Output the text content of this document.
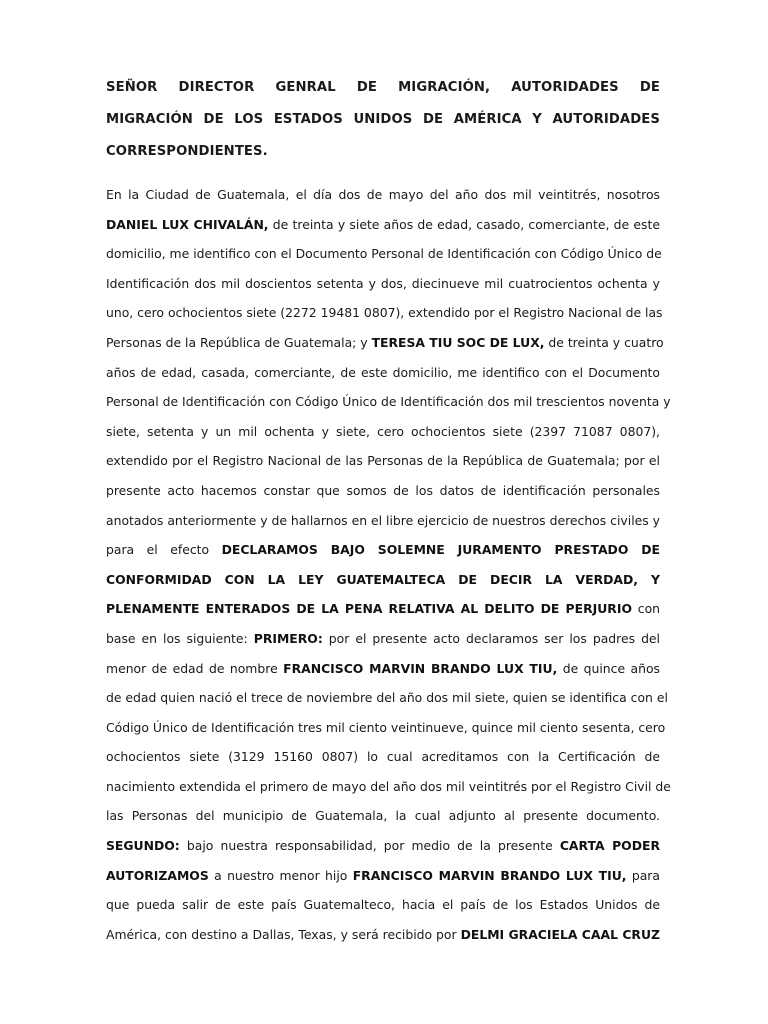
SEÑOR DIRECTOR GENRAL DE MIGRACIÓN, AUTORIDADES DE
MIGRACIÓN DE LOS ESTADOS UNIDOS DE AMÉRICA Y AUTORIDADES
CORRESPONDIENTES.
En la Ciudad de Guatemala, el día dos de mayo del año dos mil veintitrés, nosotros
DANIEL LUX CHIVALÁN, de treinta y siete años de edad, casado, comerciante, de este
domicilio, me identifico con el Documento Personal de Identificación con Código Único de
Identificación dos mil doscientos setenta y dos, diecinueve mil cuatrocientos ochenta y
uno, cero ochocientos siete (2272 19481 0807), extendido por el Registro Nacional de las
Personas de la República de Guatemala; y TERESA TIU SOC DE LUX, de treinta y cuatro
años de edad, casada, comerciante, de este domicilio, me identifico con el Documento
Personal de Identificación con Código Único de Identificación dos mil trescientos noventa y
siete, setenta y un mil ochenta y siete, cero ochocientos siete (2397 71087 0807),
extendido por el Registro Nacional de las Personas de la República de Guatemala; por el
presente acto hacemos constar que somos de los datos de identificación personales
anotados anteriormente y de hallarnos en el libre ejercicio de nuestros derechos civiles y
para el efecto DECLARAMOS BAJO SOLEMNE JURAMENTO PRESTADO DE
CONFORMIDAD CON LA LEY GUATEMALTECA DE DECIR LA VERDAD, Y
PLENAMENTE ENTERADOS DE LA PENA RELATIVA AL DELITO DE PERJURIO con
base en los siguiente: PRIMERO: por el presente acto declaramos ser los padres del
menor de edad de nombre FRANCISCO MARVIN BRANDO LUX TIU, de quince años
de edad quien nació el trece de noviembre del año dos mil siete, quien se identifica con el
Código Único de Identificación tres mil ciento veintinueve, quince mil ciento sesenta, cero
ochocientos siete (3129 15160 0807) lo cual acreditamos con la Certificación de
nacimiento extendida el primero de mayo del año dos mil veintitrés por el Registro Civil de
las Personas del municipio de Guatemala, la cual adjunto al presente documento.
SEGUNDO: bajo nuestra responsabilidad, por medio de la presente CARTA PODER
AUTORIZAMOS a nuestro menor hijo FRANCISCO MARVIN BRANDO LUX TIU, para
que pueda salir de este país Guatemalteco, hacia el país de los Estados Unidos de
América, con destino a Dallas, Texas, y será recibido por DELMI GRACIELA CAAL CRUZ
